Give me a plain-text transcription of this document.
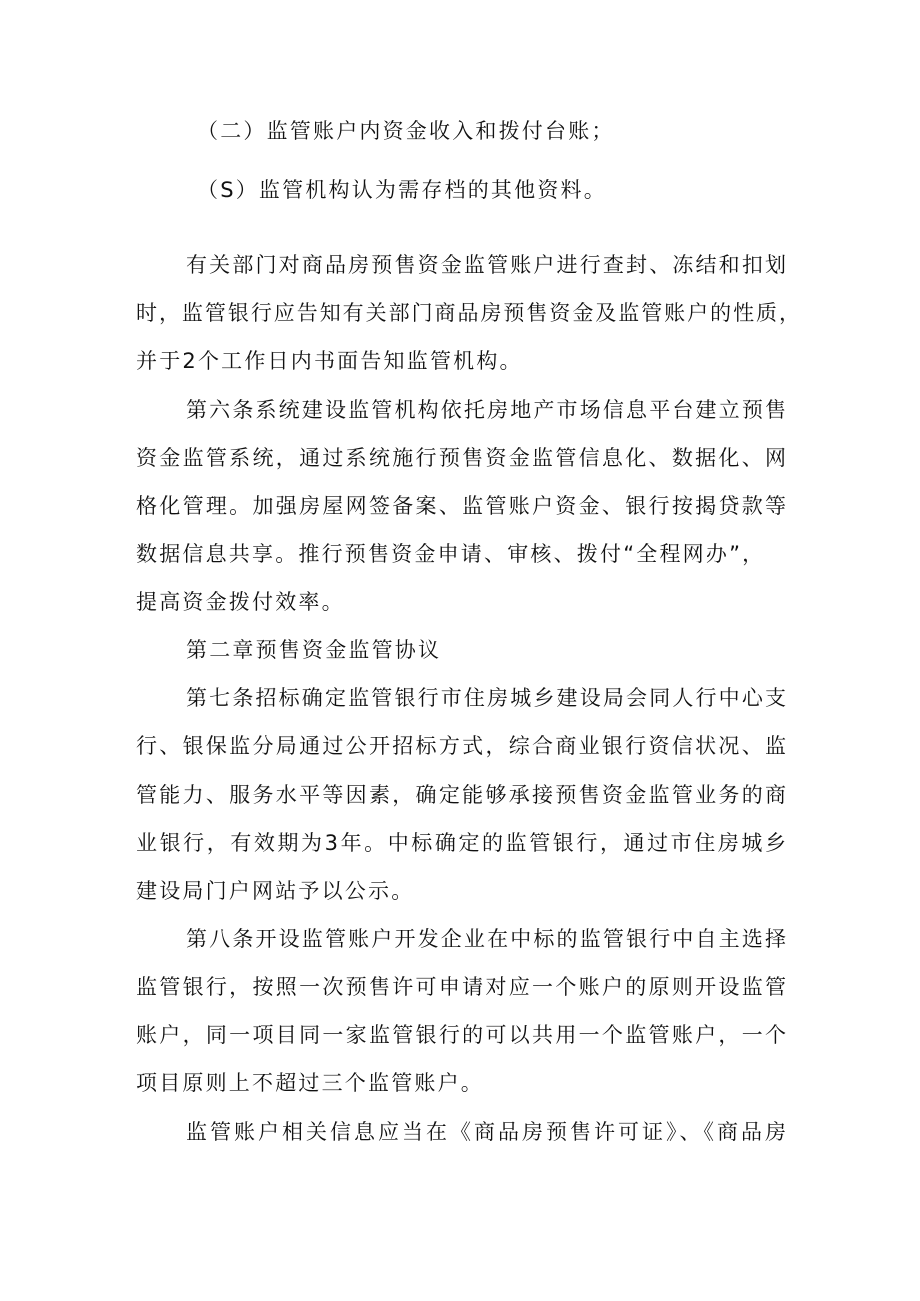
（二）监管账户内资金收入和拨付台账；
（S）监管机构认为需存档的其他资料。
有关部门对商品房预售资金监管账户进行查封、冻结和扣划
时，监管银行应告知有关部门商品房预售资金及监管账户的性质，
并于2个工作日内书面告知监管机构。
第六条系统建设监管机构依托房地产市场信息平台建立预售
资金监管系统，通过系统施行预售资金监管信息化、数据化、网
格化管理。加强房屋网签备案、监管账户资金、银行按揭贷款等
数据信息共享。推行预售资金申请、审核、拨付“全程网办”，
提高资金拨付效率。
第二章预售资金监管协议
第七条招标确定监管银行市住房城乡建设局会同人行中心支
行、银保监分局通过公开招标方式，综合商业银行资信状况、监
管能力、服务水平等因素，确定能够承接预售资金监管业务的商
业银行，有效期为3年。中标确定的监管银行，通过市住房城乡
建设局门户网站予以公示。
第八条开设监管账户开发企业在中标的监管银行中自主选择
监管银行，按照一次预售许可申请对应一个账户的原则开设监管
账户，同一项目同一家监管银行的可以共用一个监管账户，一个
项目原则上不超过三个监管账户。
监管账户相关信息应当在《商品房预售许可证》、《商品房
